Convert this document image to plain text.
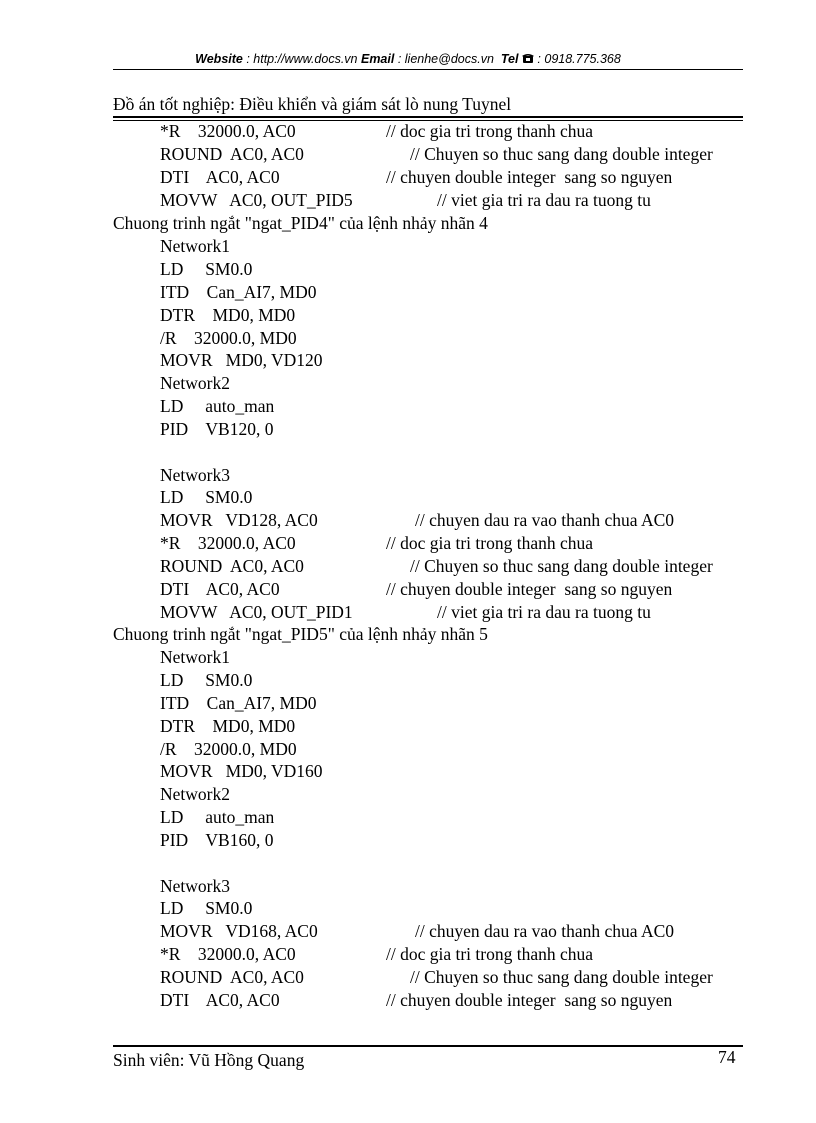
Website : http://www.docs.vn Email : lienhe@docs.vn Tel  : 0918.775.368
Đồ án tốt nghiệp: Điều khiển và giám sát lò nung Tuynel
*R    32000.0, AC0	// doc gia tri trong thanh chua
ROUND  AC0, AC0	// Chuyen so thuc sang dang double integer
DTI    AC0, AC0	// chuyen double integer  sang so nguyen
MOVW   AC0, OUT_PID5	// viet gia tri ra dau ra tuong tu
Chuong trinh ngắt "ngat_PID4" của lệnh nhảy nhãn 4
Network1
LD     SM0.0
ITD    Can_AI7, MD0
DTR    MD0, MD0
/R    32000.0, MD0
MOVR   MD0, VD120
Network2
LD     auto_man
PID    VB120, 0
Network3
LD     SM0.0
MOVR   VD128, AC0	// chuyen dau ra vao thanh chua AC0
*R    32000.0, AC0	// doc gia tri trong thanh chua
ROUND  AC0, AC0	// Chuyen so thuc sang dang double integer
DTI    AC0, AC0	// chuyen double integer  sang so nguyen
MOVW   AC0, OUT_PID1	// viet gia tri ra dau ra tuong tu
Chuong trinh ngắt "ngat_PID5" của lệnh nhảy nhãn 5
Network1
LD     SM0.0
ITD    Can_AI7, MD0
DTR    MD0, MD0
/R    32000.0, MD0
MOVR   MD0, VD160
Network2
LD     auto_man
PID    VB160, 0
Network3
LD     SM0.0
MOVR   VD168, AC0	// chuyen dau ra vao thanh chua AC0
*R    32000.0, AC0	// doc gia tri trong thanh chua
ROUND  AC0, AC0	// Chuyen so thuc sang dang double integer
DTI    AC0, AC0	// chuyen double integer  sang so nguyen
Sinh viên: Vũ Hồng Quang	74
